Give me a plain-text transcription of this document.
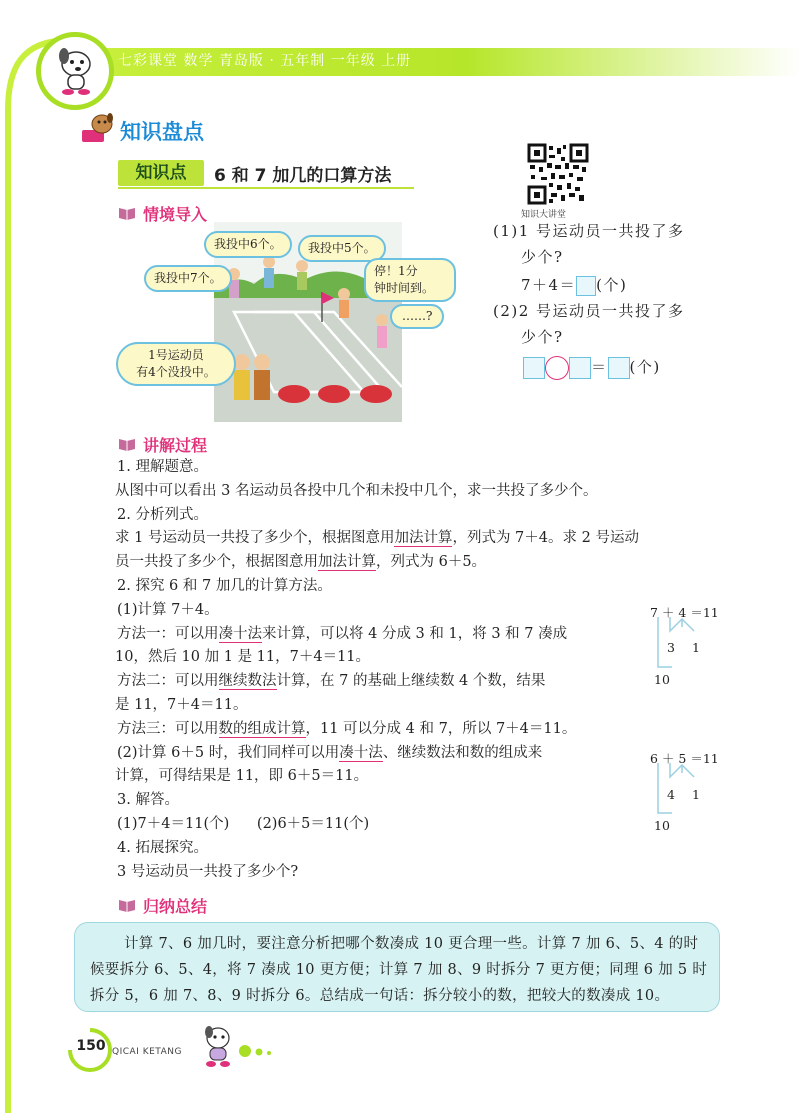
七彩课堂 数学 青岛版 · 五年制 一年级 上册
知识盘点
知识点	6 和 7 加几的口算方法
知识大讲堂
情境导入
我投中6个。	我投中5个。
我投中7个。	停！1分
钟时间到。
……?
1号运动员
有4个没投中。
(1)1 号运动员一共投了多
少个?
7＋4＝ (个)
(2)2 号运动员一共投了多
少个?
＝ (个)
讲解过程

1. 理解题意。

从图中可以看出 3 名运动员各投中几个和未投中几个，求一共投了多少个。

2. 分析列式。

求 1 号运动员一共投了多少个，根据图意用加法计算，列式为 7＋4。求 2 号运动

员一共投了多少个，根据图意用加法计算，列式为 6＋5。

2. 探究 6 和 7 加几的计算方法。

(1)计算 7＋4。

方法一：可以用凑十法来计算，可以将 4 分成 3 和 1，将 3 和 7 凑成

10，然后 10 加 1 是 11，7＋4＝11。

方法二：可以用继续数法计算，在 7 的基础上继续数 4 个数，结果

是 11，7＋4＝11。

方法三：可以用数的组成计算，11 可以分成 4 和 7，所以 7＋4＝11。

(2)计算 6＋5 时，我们同样可以用凑十法、继续数法和数的组成来

计算，可得结果是 11，即 6＋5＝11。

3. 解答。

(1)7＋4＝11(个)      (2)6＋5＝11(个)

4. 拓展探究。

3 号运动员一共投了多少个?

7 ＋ 4 ＝11
3 1
10
6 ＋ 5 ＝11
4 1
10
归纳总结
计算 7、6 加几时，要注意分析把哪个数凑成 10 更合理一些。计算 7 加 6、5、4 的时候要拆分 6、5、4，将 7 凑成 10 更方便；计算 7 加 8、9 时拆分 7 更方便；同理 6 加 5 时拆分 5，6 加 7、8、9 时拆分 6。总结成一句话：拆分较小的数，把较大的数凑成 10。
150 QICAI KETANG
